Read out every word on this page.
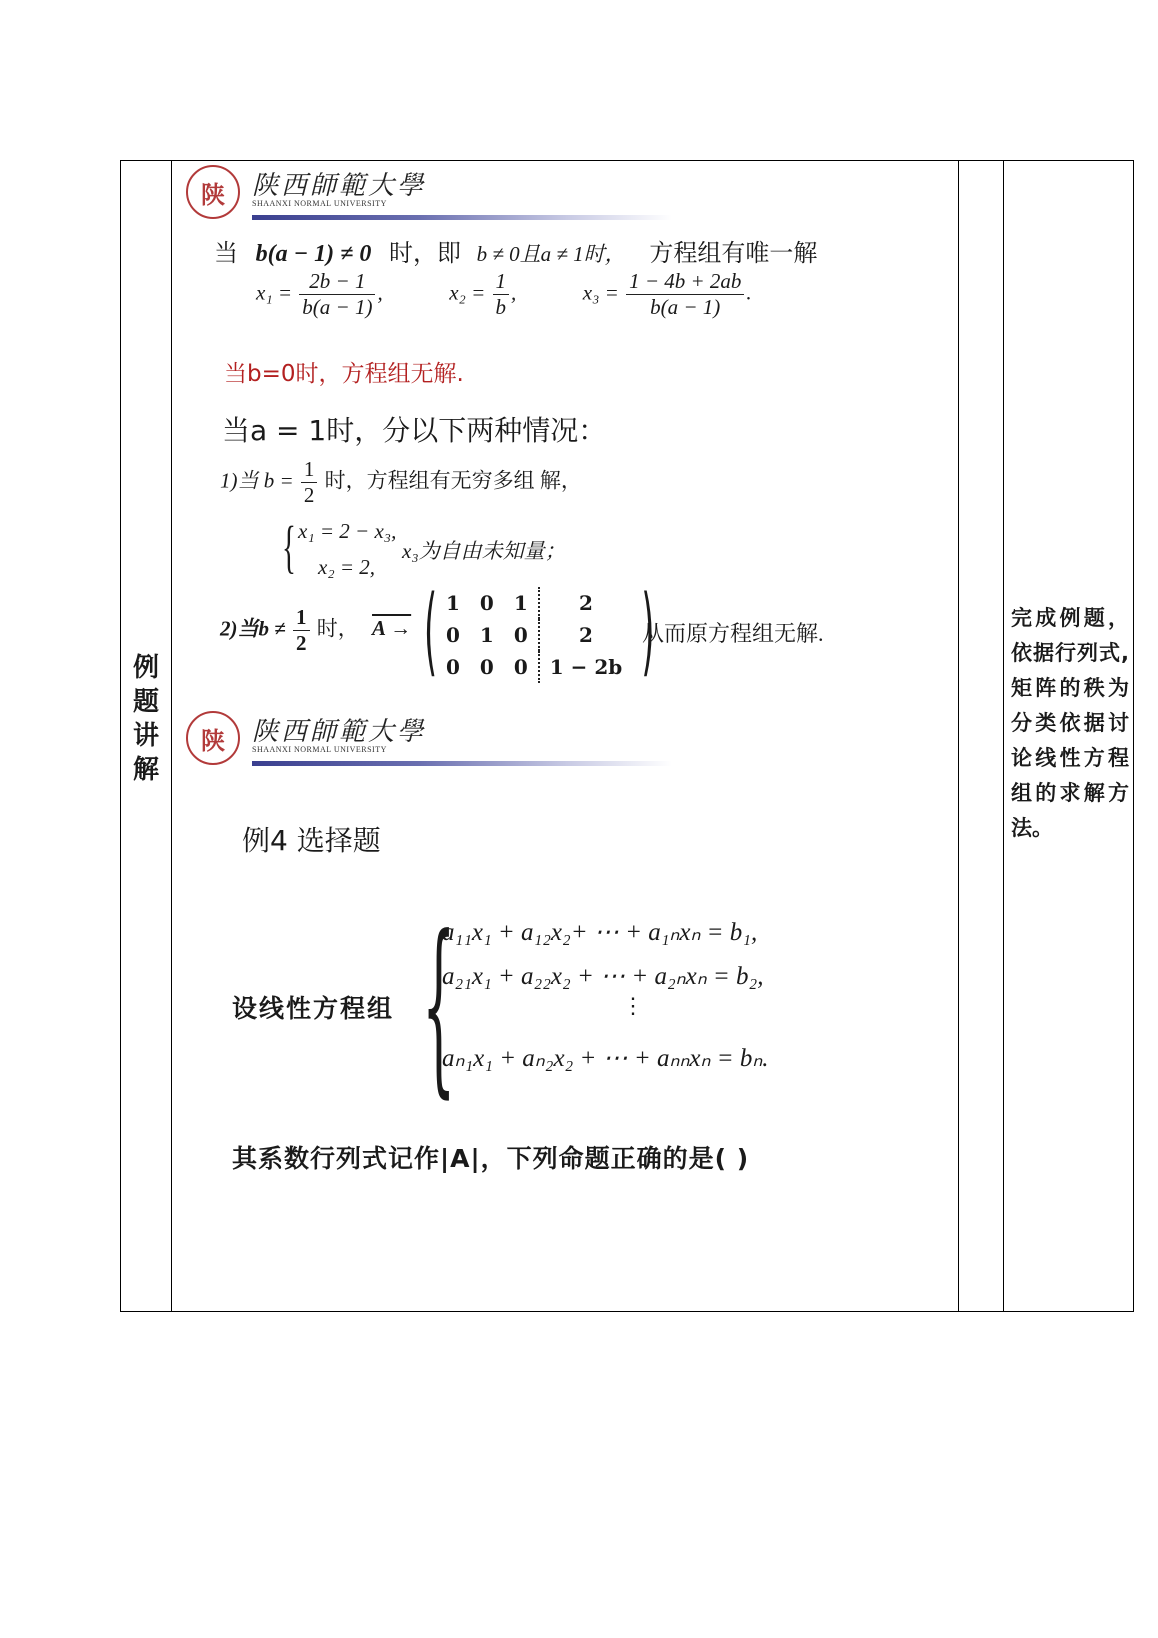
例
题
讲
解
完成例题，依据行列式,矩阵的秩为分类依据讨论线性方程组的求解方法。
陕	陕西師範大學
SHAANXI NORMAL UNIVERSITY
当 b(a − 1) ≠ 0 时，即 b ≠ 0且a ≠ 1时， 方程组有唯一解
$x_1 = \frac{2b - 1}{b(a - 1)}$ ,	$x_2 = \frac{1}{b}$ ,	$x_3 = \frac{1 - 4b + 2ab}{b(a - 1)}$ .
当b=0时，方程组无解.
当a = 1时，分以下两种情况：
1)当 $b = \frac{1}{2}$ 时，方程组有无穷多组 解，
{ x₁ = 2 − x₃,
x₂ = 2,
x₃为自由未知量；
2)当$b \ne \frac{1}{2}$ 时， A → ( 1	0	1	2
0	1	0	2
0	0	0	1 − 2b )
从而原方程组无解.
陕	陕西師範大學
SHAANXI NORMAL UNIVERSITY
例4 选择题
设线性方程组 {
a₁₁x₁ + a₁₂x₂+ ⋯ + a₁ₙxₙ = b₁,
a₂₁x₁ + a₂₂x₂ + ⋯ + a₂ₙxₙ = b₂,
⋮
aₙ₁x₁ + aₙ₂x₂ + ⋯ + aₙₙxₙ = bₙ.
其系数行列式记作|A|，下列命题正确的是( )
